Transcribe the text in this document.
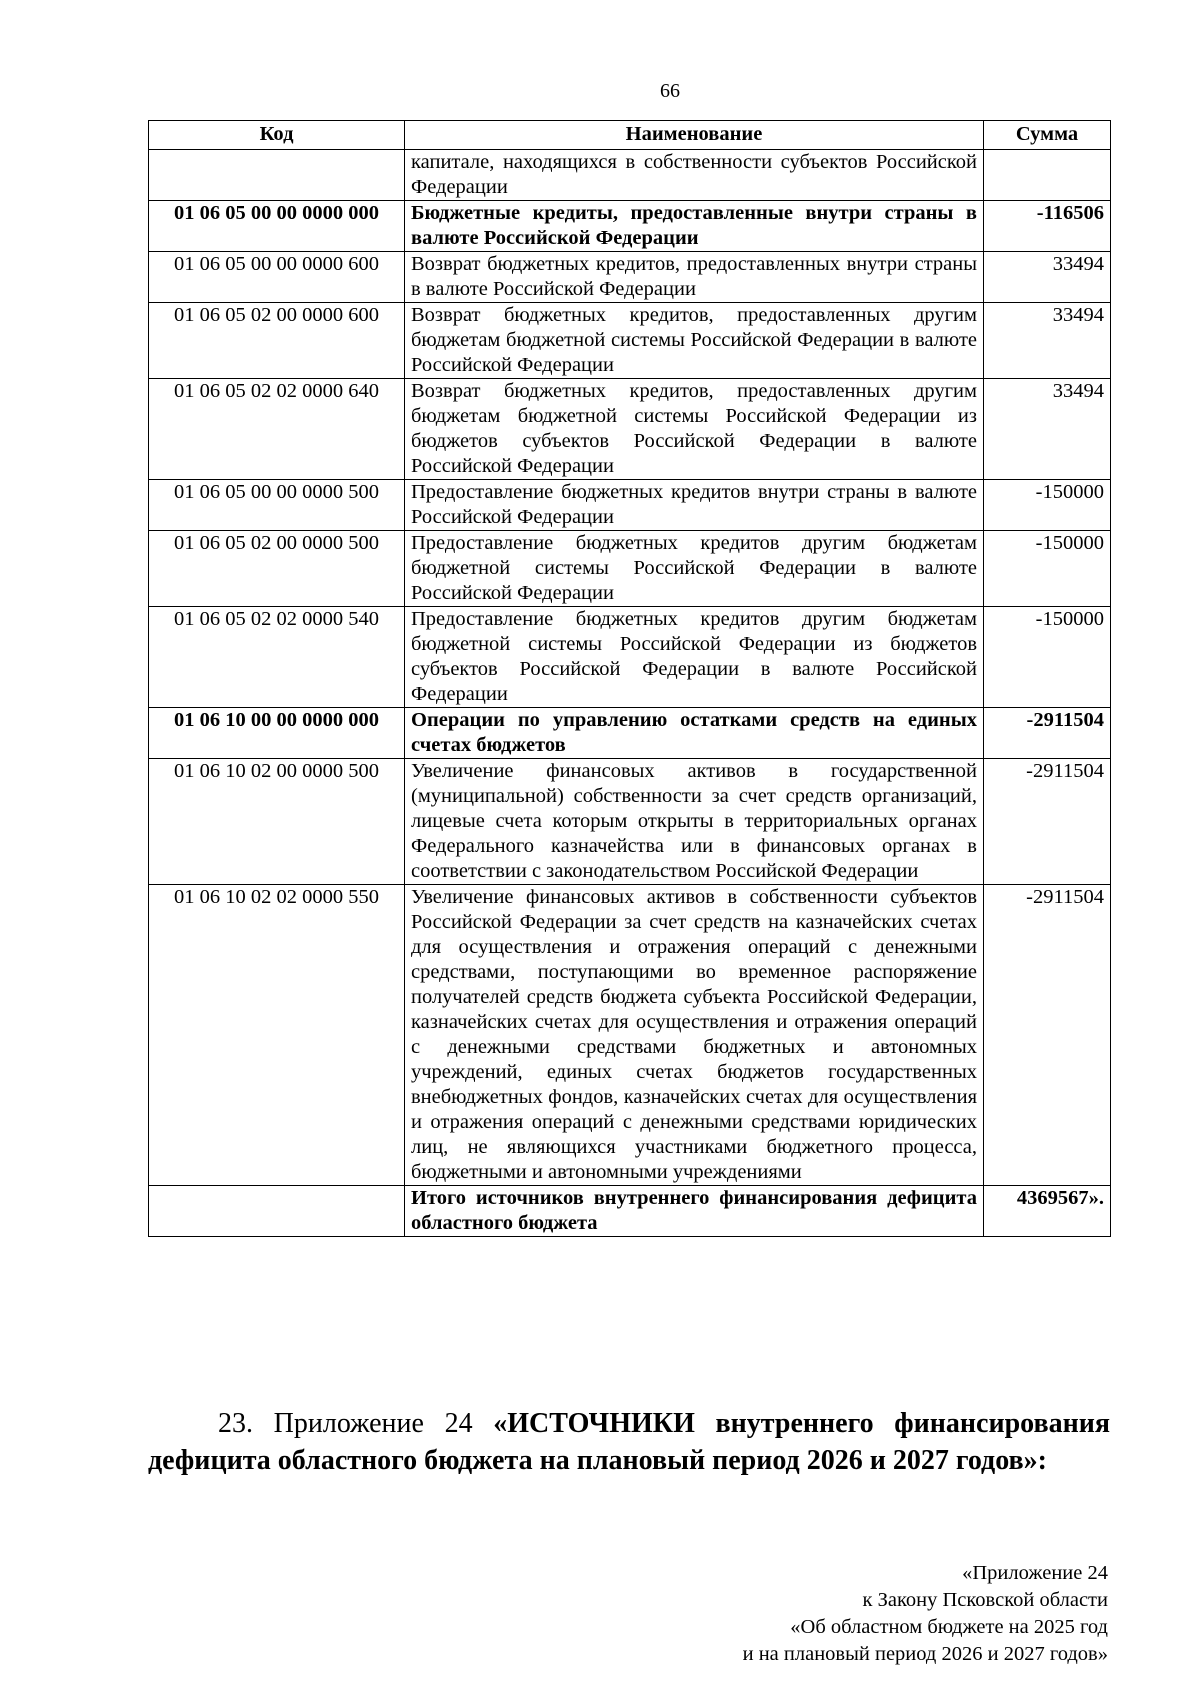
66
Код	Наименование	Сумма
	капитале, находящихся в собственности субъектов Российской Федерации	
01 06 05 00 00 0000 000	Бюджетные кредиты, предоставленные внутри страны в валюте Российской Федерации	-116506
01 06 05 00 00 0000 600	Возврат бюджетных кредитов, предоставленных внутри страны в валюте Российской Федерации	33494
01 06 05 02 00 0000 600	Возврат бюджетных кредитов, предоставленных другим бюджетам бюджетной системы Российской Федерации в валюте Российской Федерации	33494
01 06 05 02 02 0000 640	Возврат бюджетных кредитов, предоставленных другим бюджетам бюджетной системы Российской Федерации из бюджетов субъектов Российской Федерации в валюте Российской Федерации	33494
01 06 05 00 00 0000 500	Предоставление бюджетных кредитов внутри страны в валюте Российской Федерации	-150000
01 06 05 02 00 0000 500	Предоставление бюджетных кредитов другим бюджетам бюджетной системы Российской Федерации в валюте Российской Федерации	-150000
01 06 05 02 02 0000 540	Предоставление бюджетных кредитов другим бюджетам бюджетной системы Российской Федерации из бюджетов субъектов Российской Федерации в валюте Российской Федерации	-150000
01 06 10 00 00 0000 000	Операции по управлению остатками средств на единых счетах бюджетов	-2911504
01 06 10 02 00 0000 500	Увеличение финансовых активов в государственной (муниципальной) собственности за счет средств организаций, лицевые счета которым открыты в территориальных органах Федерального казначейства или в финансовых органах в соответствии с законодательством Российской Федерации	-2911504
01 06 10 02 02 0000 550	Увеличение финансовых активов в собственности субъектов Российской Федерации за счет средств на казначейских счетах для осуществления и отражения операций с денежными средствами, поступающими во временное распоряжение получателей средств бюджета субъекта Российской Федерации, казначейских счетах для осуществления и отражения операций с денежными средствами бюджетных и автономных учреждений, единых счетах бюджетов государственных внебюджетных фондов, казначейских счетах для осуществления и отражения операций с денежными средствами юридических лиц, не являющихся участниками бюджетного процесса, бюджетными и автономными учреждениями	-2911504
	Итого источников внутреннего финансирования дефицита областного бюджета	4369567».
23. Приложение 24 «ИСТОЧНИКИ внутреннего финансирования дефицита областного бюджета на плановый период 2026 и 2027 годов»:
«Приложение 24
к Закону Псковской области
«Об областном бюджете на 2025 год
и на плановый период 2026 и 2027 годов»
